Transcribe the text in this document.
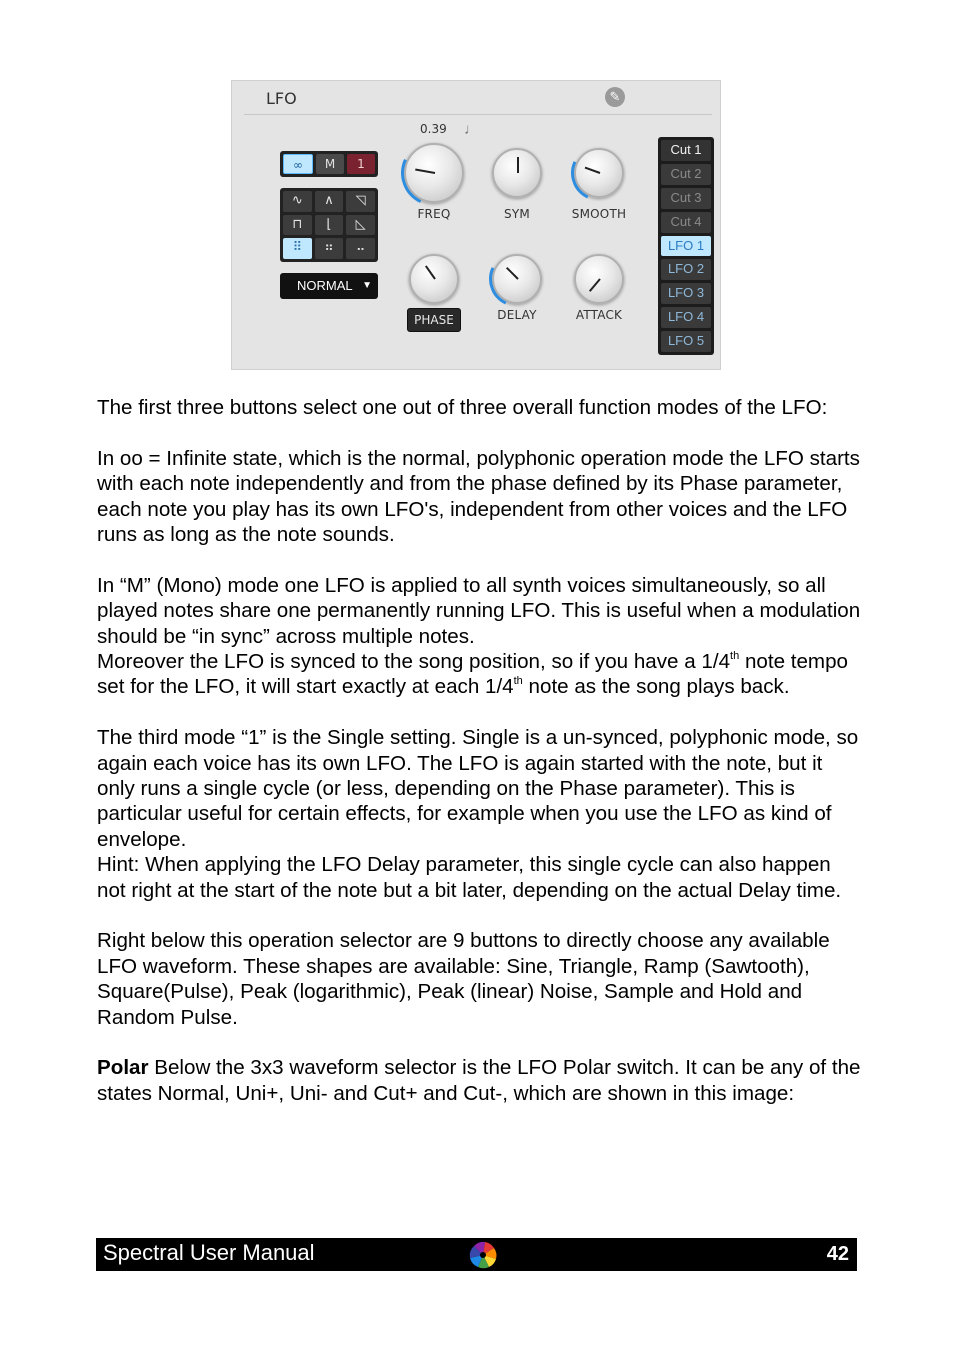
LFO	✎
0.39 ♩
∞	M	1
∿	∧	◹
⊓	⌊	◺
⠿	⠶	⠤
NORMAL ▼
FREQ	SYM	SMOOTH
PHASE	DELAY	ATTACK
Cut 1
Cut 2
Cut 3
Cut 4
LFO 1
LFO 2
LFO 3
LFO 4
LFO 5

The first three buttons select one out of three overall function modes of the LFO:

In oo = Infinite state, which is the normal, polyphonic operation mode the LFO starts with each note independently and from the phase defined by its Phase parameter, each note you play has its own LFO's, independent from other voices and the LFO runs as long as the note sounds.

In “M” (Mono) mode one LFO is applied to all synth voices simultaneously, so all played notes share one permanently running LFO. This is useful when a modulation should be “in sync” across multiple notes.
Moreover the LFO is synced to the song position, so if you have a 1/4th note tempo set for the LFO, it will start exactly at each 1/4th note as the song plays back.

The third mode “1” is the Single setting. Single is a un-synced, polyphonic mode, so again each voice has its own LFO. The LFO is again started with the note, but it only runs a single cycle (or less, depending on the Phase parameter). This is particular useful for certain effects, for example when you use the LFO as kind of envelope.
Hint: When applying the LFO Delay parameter, this single cycle can also happen not right at the start of the note but a bit later, depending on the actual Delay time.

Right below this operation selector are 9 buttons to directly choose any available LFO waveform. These shapes are available: Sine, Triangle, Ramp (Sawtooth), Square(Pulse), Peak (logarithmic), Peak (linear) Noise, Sample and Hold and Random Pulse.

Polar Below the 3x3 waveform selector is the LFO Polar switch. It can be any of the states Normal, Uni+, Uni- and Cut+ and Cut-, which are shown in this image:

Spectral User Manual	42
